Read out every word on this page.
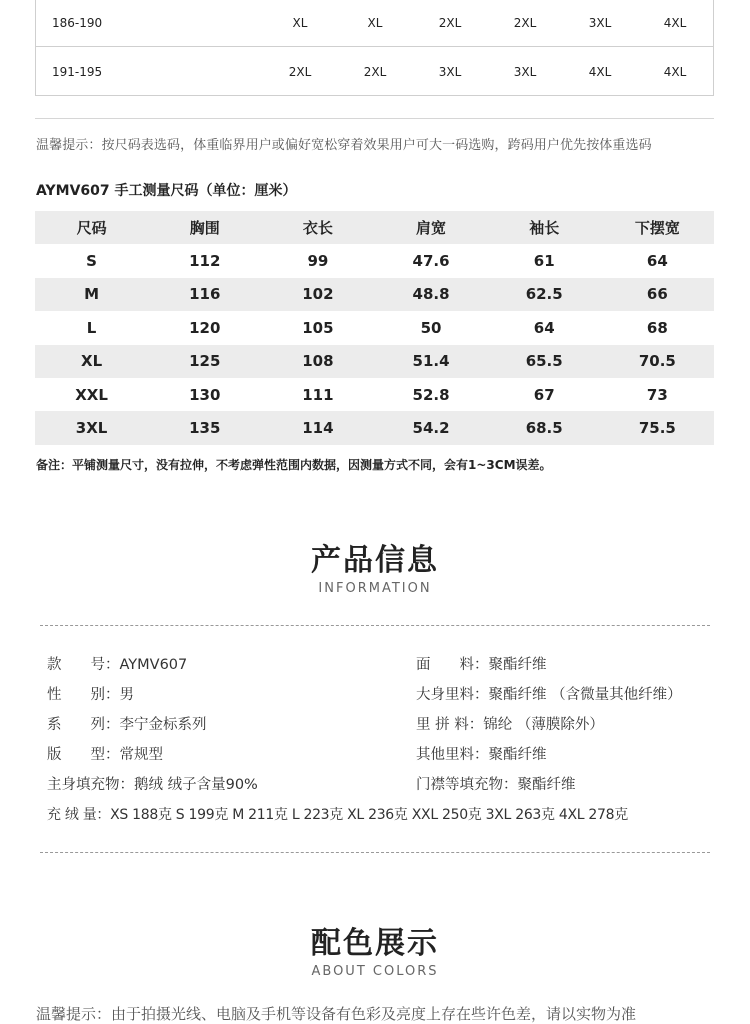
186-190	XL	XL	2XL	2XL	3XL	4XL
191-195	2XL	2XL	3XL	3XL	4XL	4XL
温馨提示：按尺码表选码，体重临界用户或偏好宽松穿着效果用户可大一码选购，跨码用户优先按体重选码
AYMV607 手工测量尺码（单位：厘米）
尺码	胸围	衣长	肩宽	袖长	下摆宽
S	112	99	47.6	61	64
M	116	102	48.8	62.5	66
L	120	105	50	64	68
XL	125	108	51.4	65.5	70.5
XXL	130	111	52.8	67	73
3XL	135	114	54.2	68.5	75.5
备注：平铺测量尺寸，没有拉伸，不考虑弹性范围内数据，因测量方式不同，会有1~3CM误差。
产品信息
INFORMATION
款　　号：AYMV607
性　　别：男
系　　列：李宁金标系列
版　　型：常规型
主身填充物：鹅绒 绒子含量90%
面　　料：聚酯纤维
大身里料：聚酯纤维 （含微量其他纤维）
里 拼 料：锦纶 （薄膜除外）
其他里料：聚酯纤维
门襟等填充物：聚酯纤维
充 绒 量：XS 188克 S 199克 M 211克 L 223克 XL 236克 XXL 250克 3XL 263克 4XL 278克
配色展示
ABOUT COLORS
温馨提示：由于拍摄光线、电脑及手机等设备有色彩及亮度上存在些许色差，请以实物为准
